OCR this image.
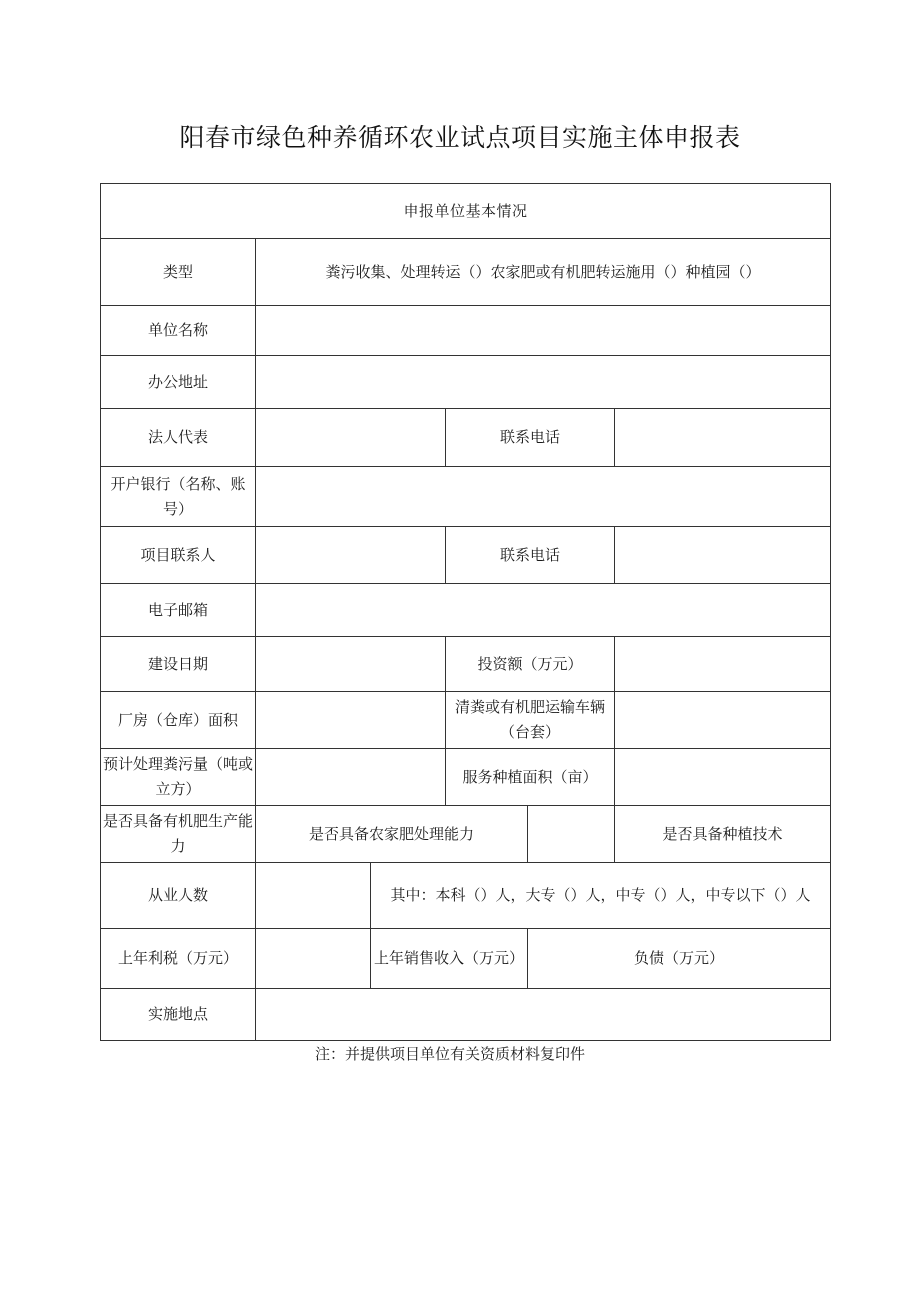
阳春市绿色种养循环农业试点项目实施主体申报表
申报单位基本情况					
类型	粪污收集、处理转运（）农家肥或有机肥转运施用（）种植园（）				
单位名称					
办公地址					
法人代表			联系电话		
开户银行（名称、账号）					
项目联系人			联系电话		
电子邮箱					
建设日期			投资额（万元）		
厂房（仓库）面积			清粪或有机肥运输车辆（台套）		
预计处理粪污量（吨或立方）			服务种植面积（亩）		
是否具备有机肥生产能力	是否具备农家肥处理能力				是否具备种植技术
从业人数		其中：本科（）人，大专（）人，中专（）人，中专以下（）人			
上年利税（万元）		上年销售收入（万元）		负债（万元）	
实施地点					
注：并提供项目单位有关资质材料复印件
